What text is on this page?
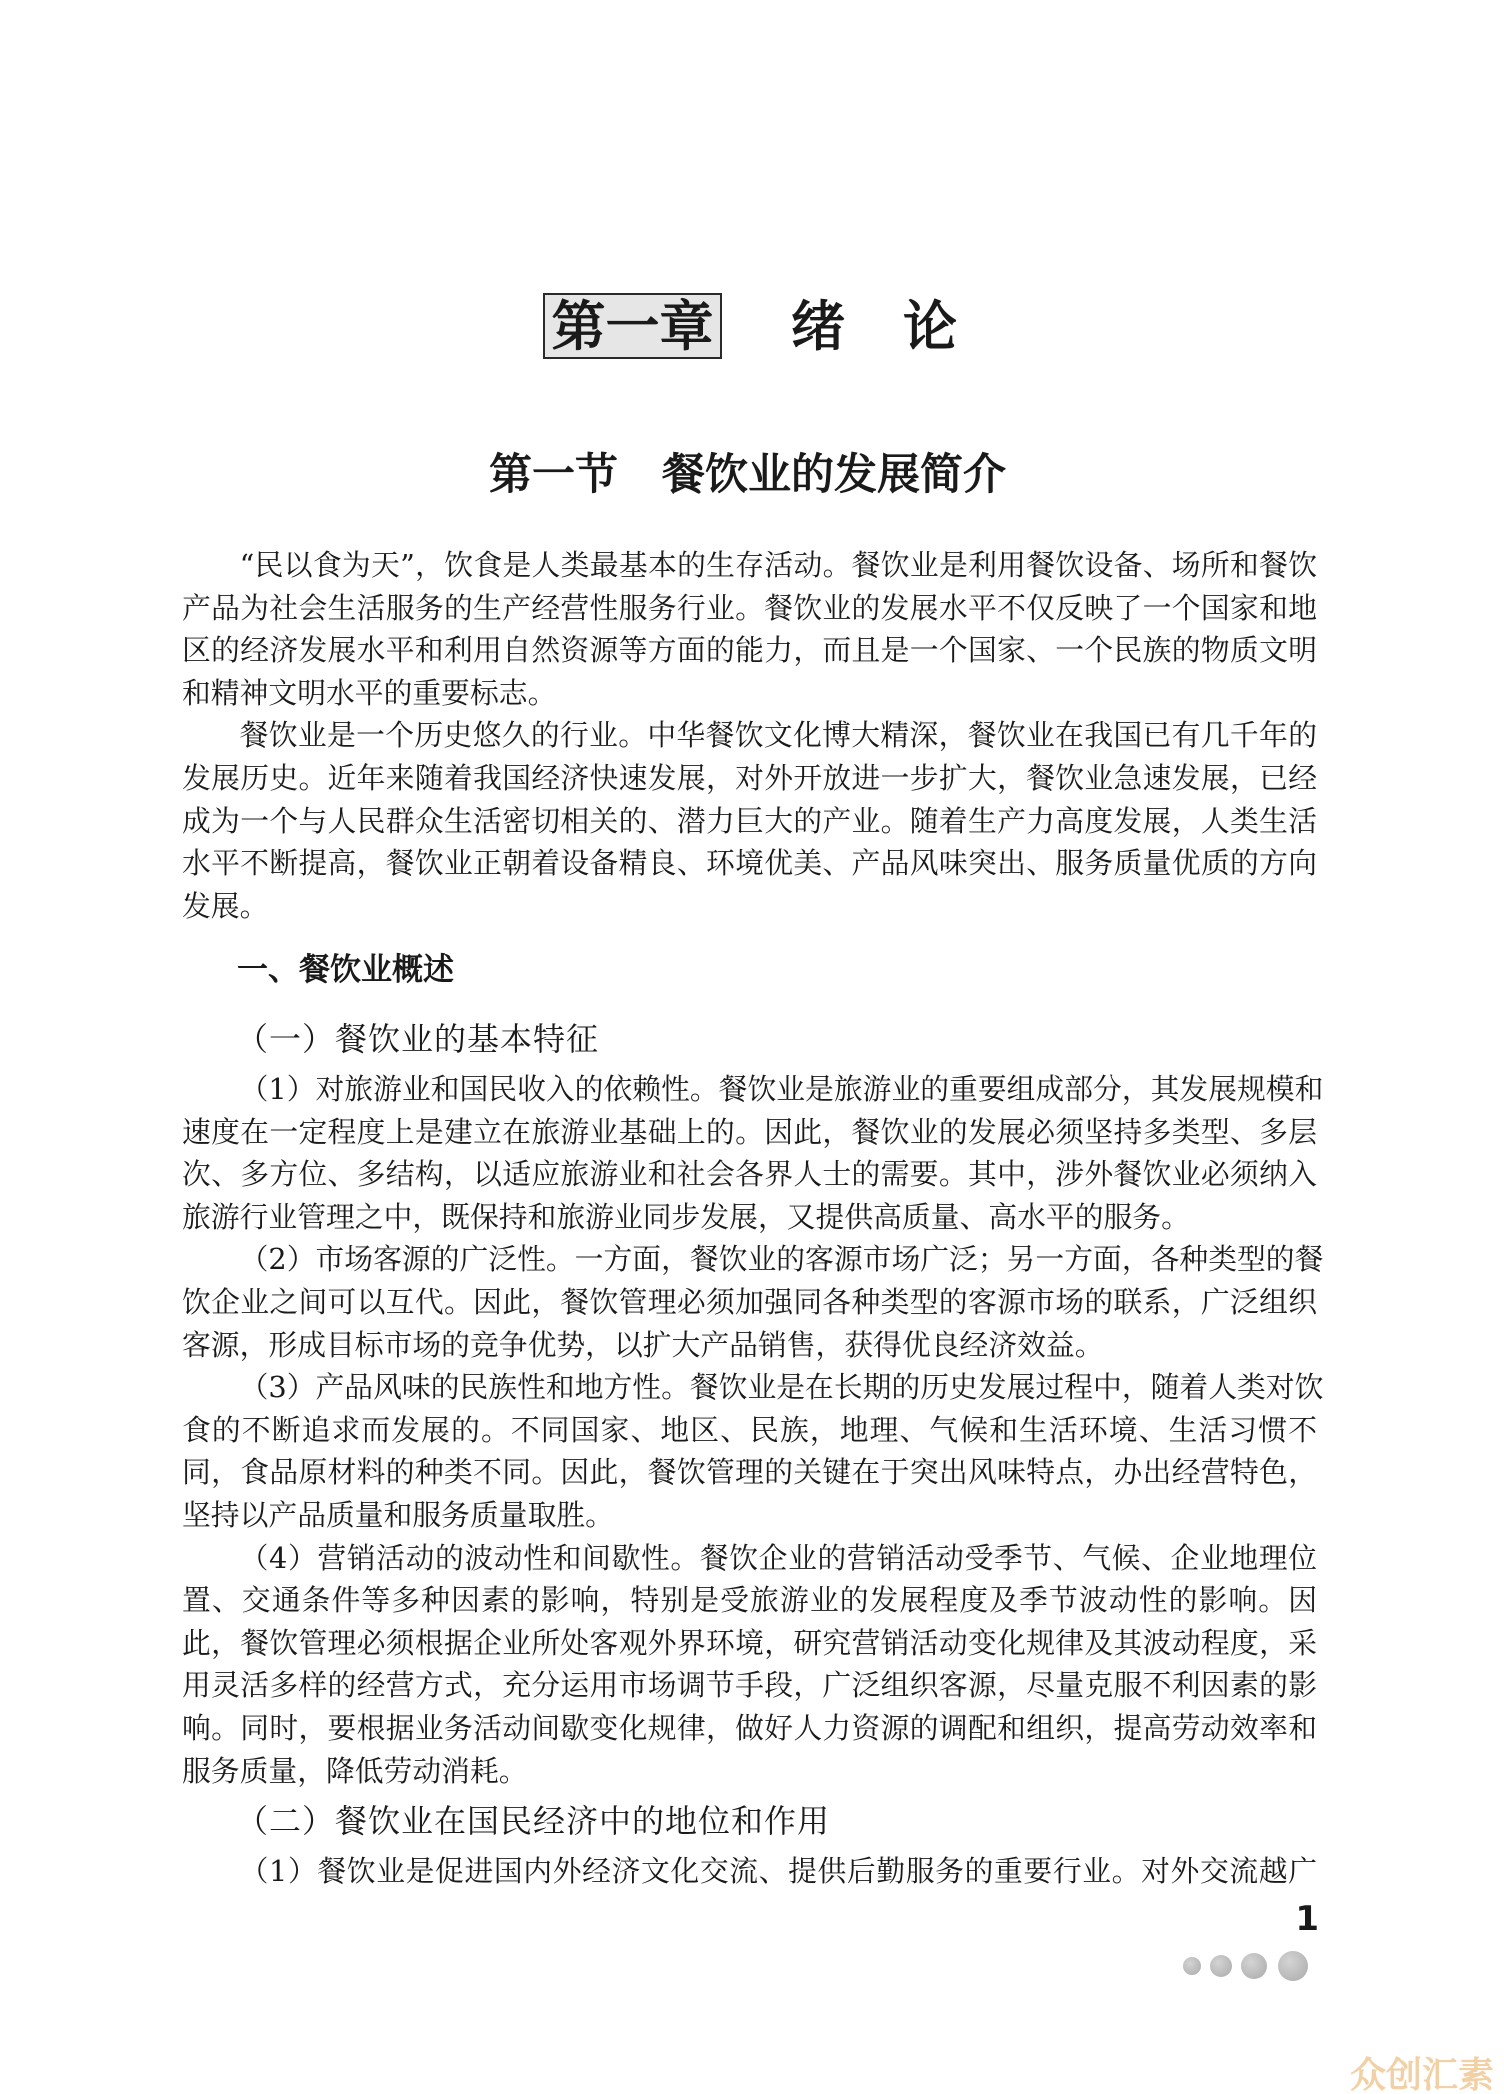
第一章 绪论
第一节 餐饮业的发展简介
“民以食为天”，饮食是人类最基本的生存活动。餐饮业是利用餐饮设备、场所和餐饮
产品为社会生活服务的生产经营性服务行业。餐饮业的发展水平不仅反映了一个国家和地
区的经济发展水平和利用自然资源等方面的能力，而且是一个国家、一个民族的物质文明
和精神文明水平的重要标志。
餐饮业是一个历史悠久的行业。中华餐饮文化博大精深，餐饮业在我国已有几千年的
发展历史。近年来随着我国经济快速发展，对外开放进一步扩大，餐饮业急速发展，已经
成为一个与人民群众生活密切相关的、潜力巨大的产业。随着生产力高度发展，人类生活
水平不断提高，餐饮业正朝着设备精良、环境优美、产品风味突出、服务质量优质的方向
发展。
一、餐饮业概述
（一）餐饮业的基本特征
（1）对旅游业和国民收入的依赖性。餐饮业是旅游业的重要组成部分，其发展规模和
速度在一定程度上是建立在旅游业基础上的。因此，餐饮业的发展必须坚持多类型、多层
次、多方位、多结构，以适应旅游业和社会各界人士的需要。其中，涉外餐饮业必须纳入
旅游行业管理之中，既保持和旅游业同步发展，又提供高质量、高水平的服务。
（2）市场客源的广泛性。一方面，餐饮业的客源市场广泛；另一方面，各种类型的餐
饮企业之间可以互代。因此，餐饮管理必须加强同各种类型的客源市场的联系，广泛组织
客源，形成目标市场的竞争优势，以扩大产品销售，获得优良经济效益。
（3）产品风味的民族性和地方性。餐饮业是在长期的历史发展过程中，随着人类对饮
食的不断追求而发展的。不同国家、地区、民族，地理、气候和生活环境、生活习惯不
同，食品原材料的种类不同。因此，餐饮管理的关键在于突出风味特点，办出经营特色，
坚持以产品质量和服务质量取胜。
（4）营销活动的波动性和间歇性。餐饮企业的营销活动受季节、气候、企业地理位
置、交通条件等多种因素的影响，特别是受旅游业的发展程度及季节波动性的影响。因
此，餐饮管理必须根据企业所处客观外界环境，研究营销活动变化规律及其波动程度，采
用灵活多样的经营方式，充分运用市场调节手段，广泛组织客源，尽量克服不利因素的影
响。同时，要根据业务活动间歇变化规律，做好人力资源的调配和组织，提高劳动效率和
服务质量，降低劳动消耗。
（二）餐饮业在国民经济中的地位和作用
（1）餐饮业是促进国内外经济文化交流、提供后勤服务的重要行业。对外交流越广
1
众创汇素
